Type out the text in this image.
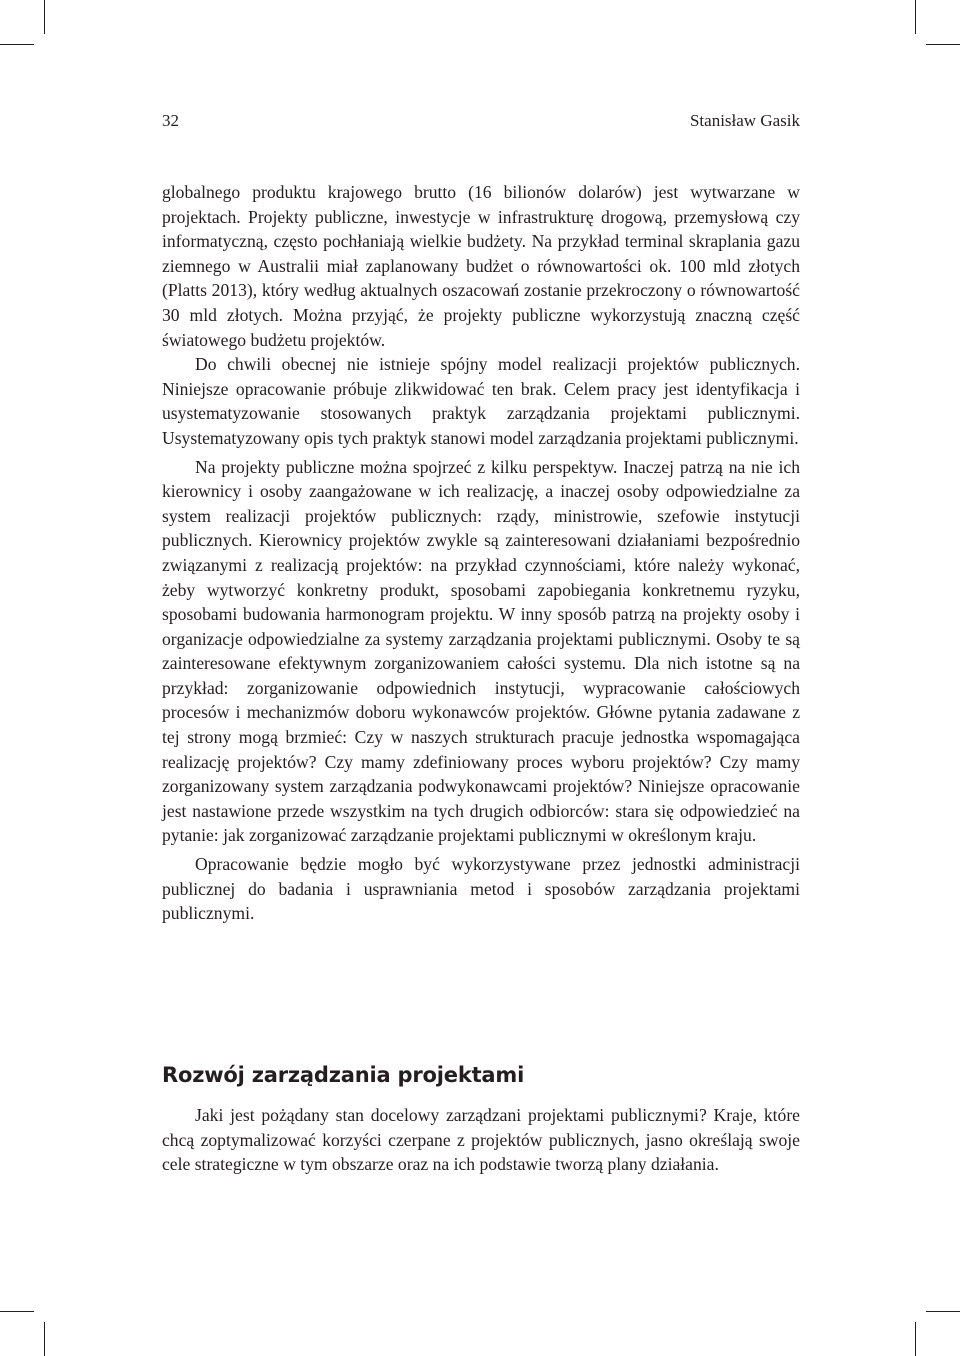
32	Stanisław Gasik

globalnego produktu krajowego brutto (16 bilionów dolarów) jest wytwarzane w projektach. Projekty publiczne, inwestycje w infrastrukturę drogową, przemysłową czy informatyczną, często pochłaniają wielkie budżety. Na przykład terminal skraplania gazu ziemnego w Australii miał zaplanowany budżet o równowartości ok. 100 mld złotych (Platts 2013), który według aktualnych oszacowań zostanie przekroczony o równowartość 30 mld złotych. Można przyjąć, że projekty publiczne wykorzystują znaczną część światowego budżetu projektów.

Do chwili obecnej nie istnieje spójny model realizacji projektów publicznych. Niniejsze opracowanie próbuje zlikwidować ten brak. Celem pracy jest identyfikacja i usystematyzowanie stosowanych praktyk zarządzania projektami publicznymi. Usystematyzowany opis tych praktyk stanowi model zarządzania projektami publicznymi.

Na projekty publiczne można spojrzeć z kilku perspektyw. Inaczej patrzą na nie ich kierownicy i osoby zaangażowane w ich realizację, a inaczej osoby odpowiedzialne za system realizacji projektów publicznych: rządy, ministrowie, szefowie instytucji publicznych. Kierownicy projektów zwykle są zainteresowani działaniami bezpośrednio związanymi z realizacją projektów: na przykład czynnościami, które należy wykonać, żeby wytworzyć konkretny produkt, sposobami zapobiegania konkretnemu ryzyku, sposobami budowania harmonogram projektu. W inny sposób patrzą na projekty osoby i organizacje odpowiedzialne za systemy zarządzania projektami publicznymi. Osoby te są zainteresowane efektywnym zorganizowaniem całości systemu. Dla nich istotne są na przykład: zorganizowanie odpowiednich instytucji, wypracowanie całościowych procesów i mechanizmów doboru wykonawców projektów. Główne pytania zadawane z tej strony mogą brzmieć: Czy w naszych strukturach pracuje jednostka wspomagająca realizację projektów? Czy mamy zdefiniowany proces wyboru projektów? Czy mamy zorganizowany system zarządzania podwykonawcami projektów? Niniejsze opracowanie jest nastawione przede wszystkim na tych drugich odbiorców: stara się odpowiedzieć na pytanie: jak zorganizować zarządzanie projektami publicznymi w określonym kraju.

Opracowanie będzie mogło być wykorzystywane przez jednostki administracji publicznej do badania i usprawniania metod i sposobów zarządzania projektami publicznymi.

Rozwój zarządzania projektami

Jaki jest pożądany stan docelowy zarządzani projektami publicznymi? Kraje, które chcą zoptymalizować korzyści czerpane z projektów publicznych, jasno określają swoje cele strategiczne w tym obszarze oraz na ich podstawie tworzą plany działania.
